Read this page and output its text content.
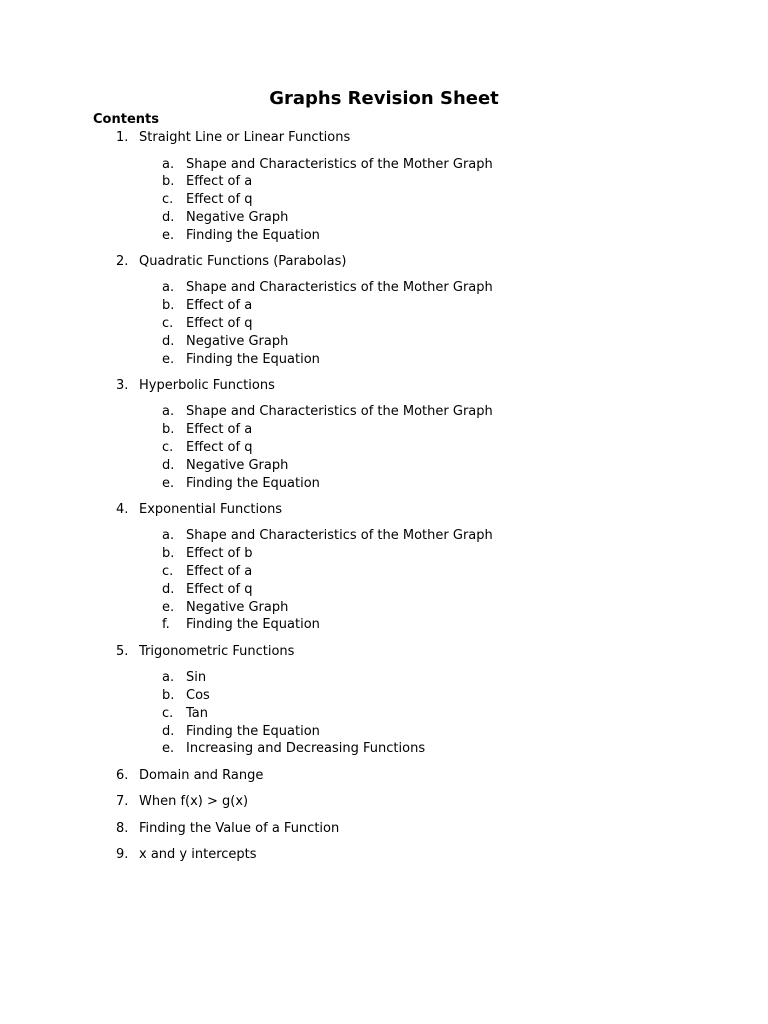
Graphs Revision Sheet
Contents
1. Straight Line or Linear Functions
a. Shape and Characteristics of the Mother Graph
b. Effect of a
c. Effect of q
d. Negative Graph
e. Finding the Equation
2. Quadratic Functions (Parabolas)
a. Shape and Characteristics of the Mother Graph
b. Effect of a
c. Effect of q
d. Negative Graph
e. Finding the Equation
3. Hyperbolic Functions
a. Shape and Characteristics of the Mother Graph
b. Effect of a
c. Effect of q
d. Negative Graph
e. Finding the Equation
4. Exponential Functions
a. Shape and Characteristics of the Mother Graph
b. Effect of b
c. Effect of a
d. Effect of q
e. Negative Graph
f.	Finding the Equation
5. Trigonometric Functions
a. Sin
b. Cos
c. Tan
d. Finding the Equation
e. Increasing and Decreasing Functions
6. Domain and Range
7. When f(x) > g(x)
8. Finding the Value of a Function
9. x and y intercepts
